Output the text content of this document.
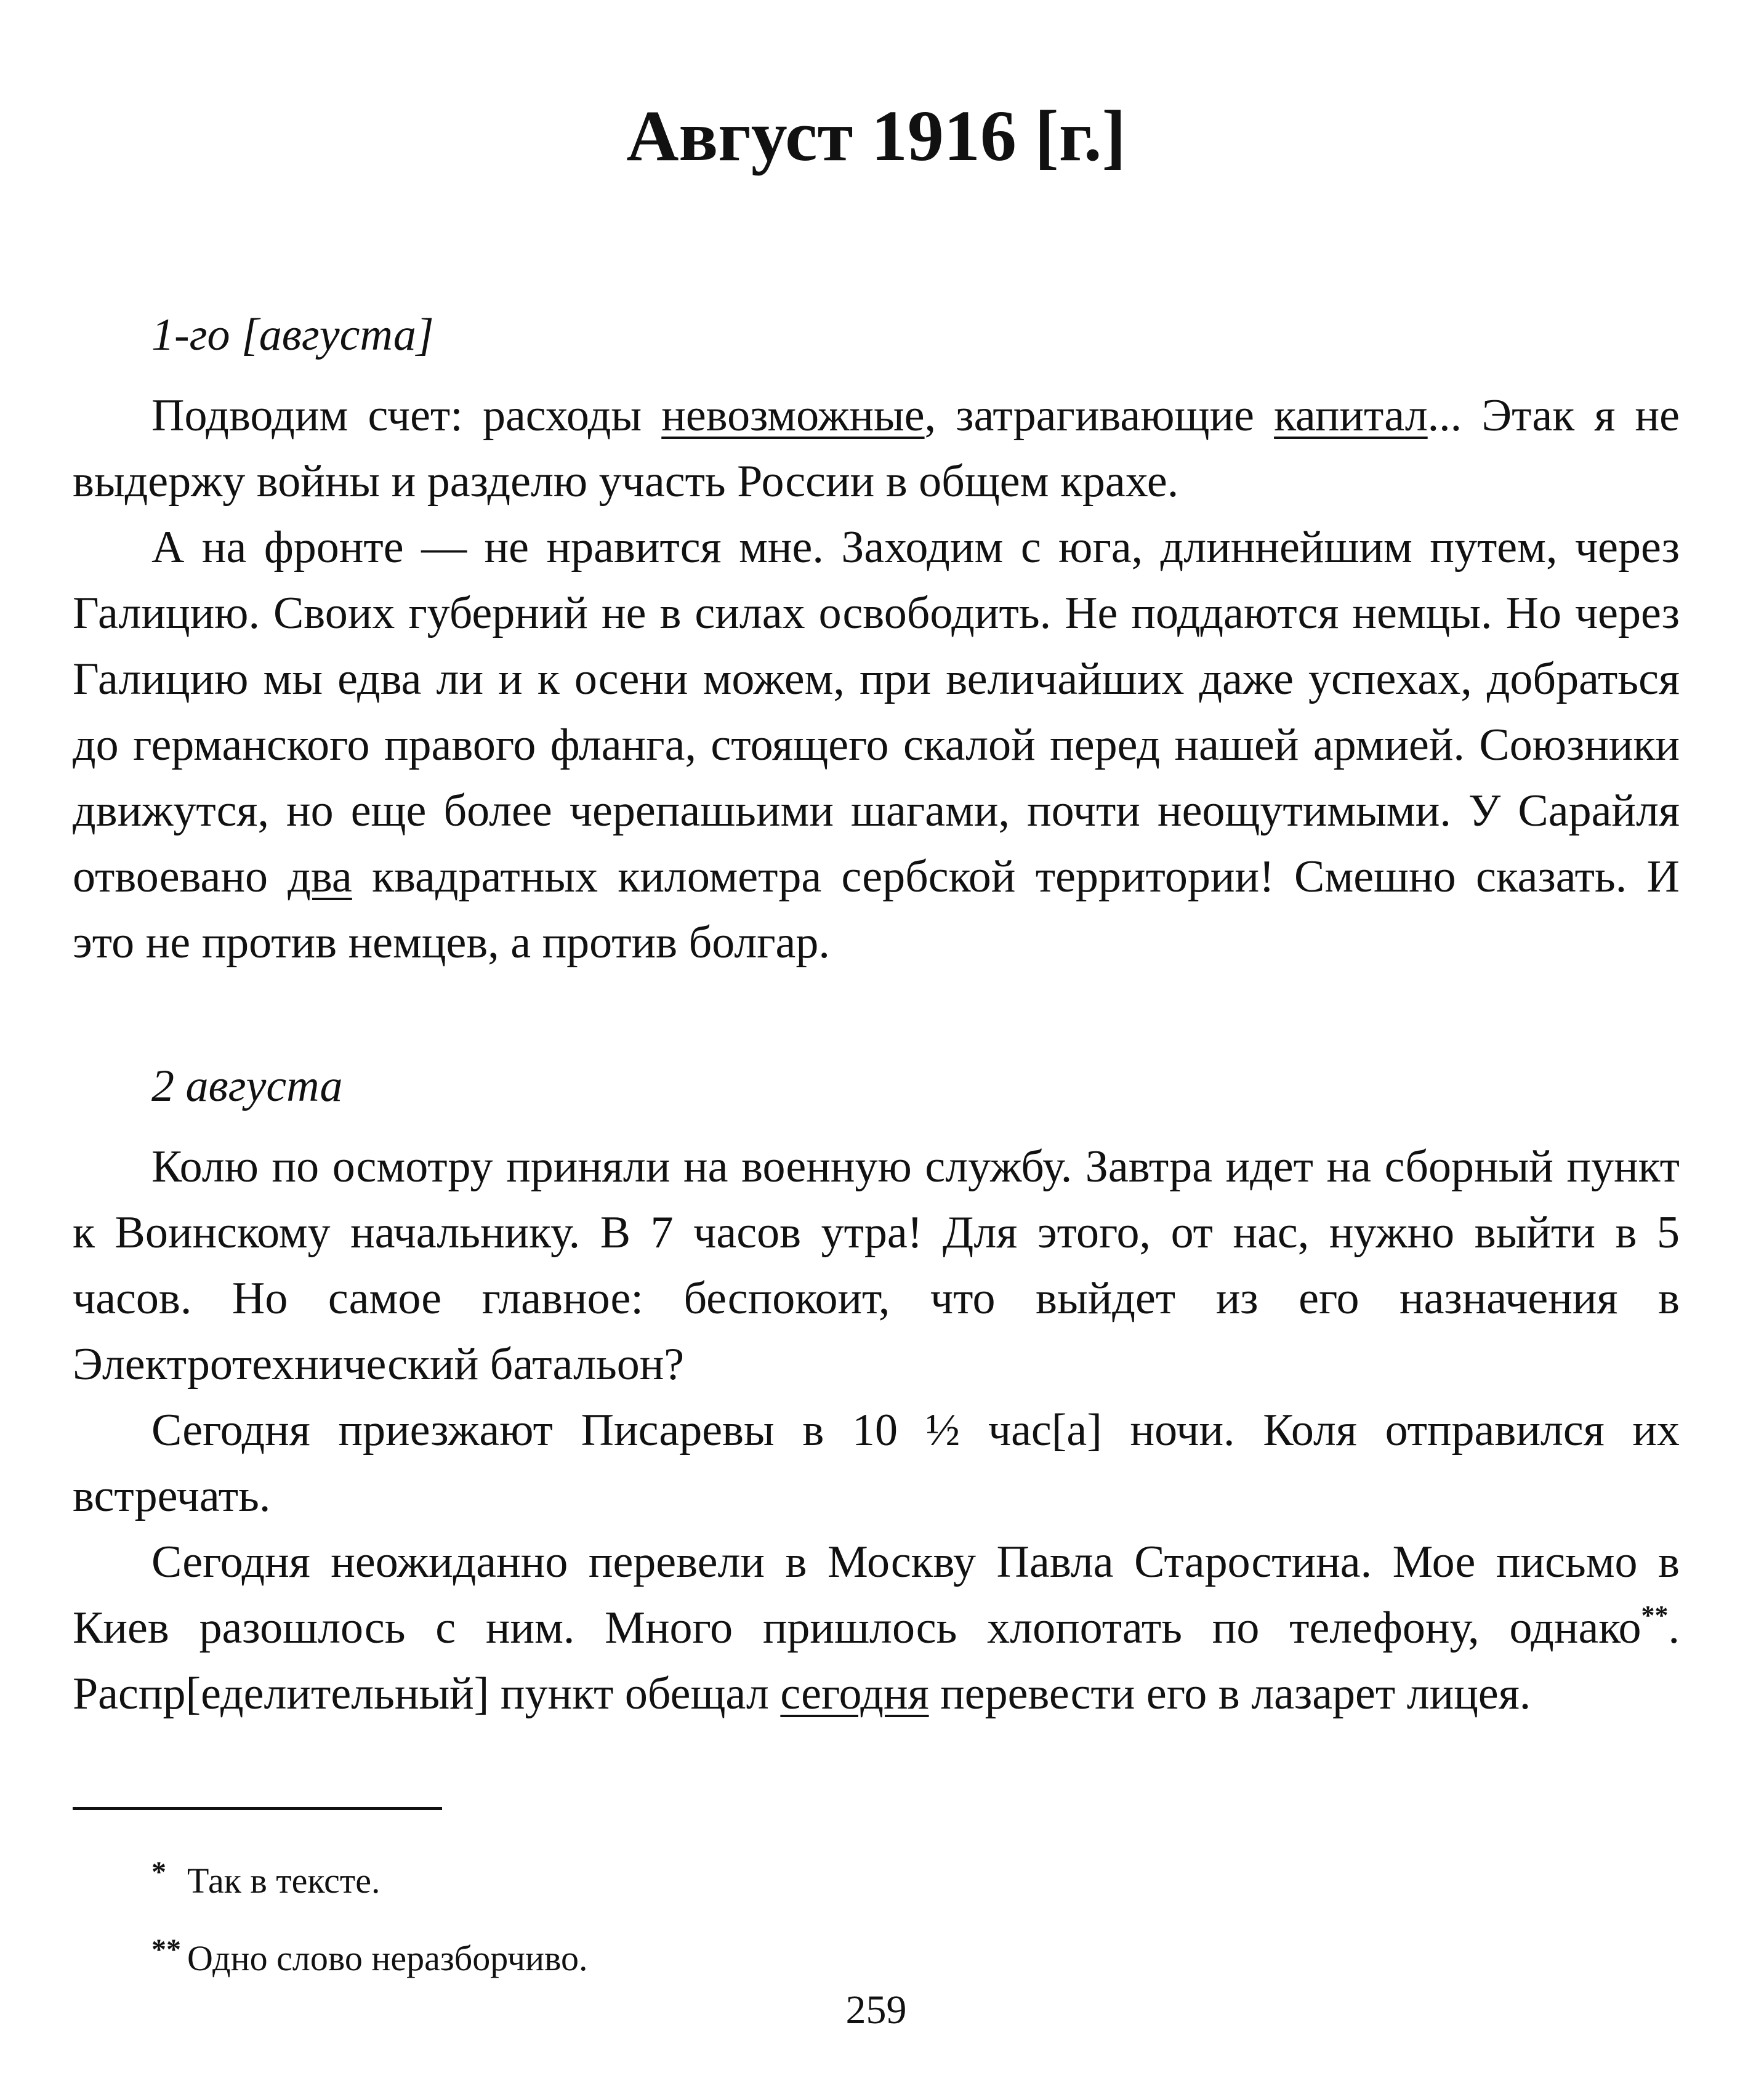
Август 1916 [г.]
1-го [августа]

Подводим счет: расходы невозможные, затрагивающие капитал... Этак я не выдержу войны и разделю участь России в общем крахе.

А на фронте — не нравится мне. Заходим с юга, длиннейшим путем, через Галицию. Своих губерний не в силах освободить. Не поддаются немцы. Но через Галицию мы едва ли и к осени можем, при величайших даже успехах, добраться до германского правого фланга, стоящего скалой перед нашей армией. Союзники движутся, но еще более черепашьими шагами, почти неощутимыми. У Сарайля отвоевано два квадратных километра сербской территории! Смешно сказать. И это не против немцев, а против болгар.

2 августа

Колю по осмотру приняли на военную службу. Завтра идет на сборный пункт к Воинскому начальнику. В 7 часов утра! Для этого, от нас, нужно выйти в 5 часов. Но самое главное: беспокоит, что выйдет из его назначения в Электротехнический батальон?

Сегодня приезжают Писаревы в 10 ½ час[а] ночи. Коля отправился их встречать.

Сегодня неожиданно перевели в Москву Павла Старостина. Мое письмо в Киев разошлось с ним. Много пришлось хлопотать по телефону, однако**. Распр[еделительный] пункт обещал сегодня перевести его в лазарет лицея.

* Так в тексте.
** Одно слово неразборчиво.
259
